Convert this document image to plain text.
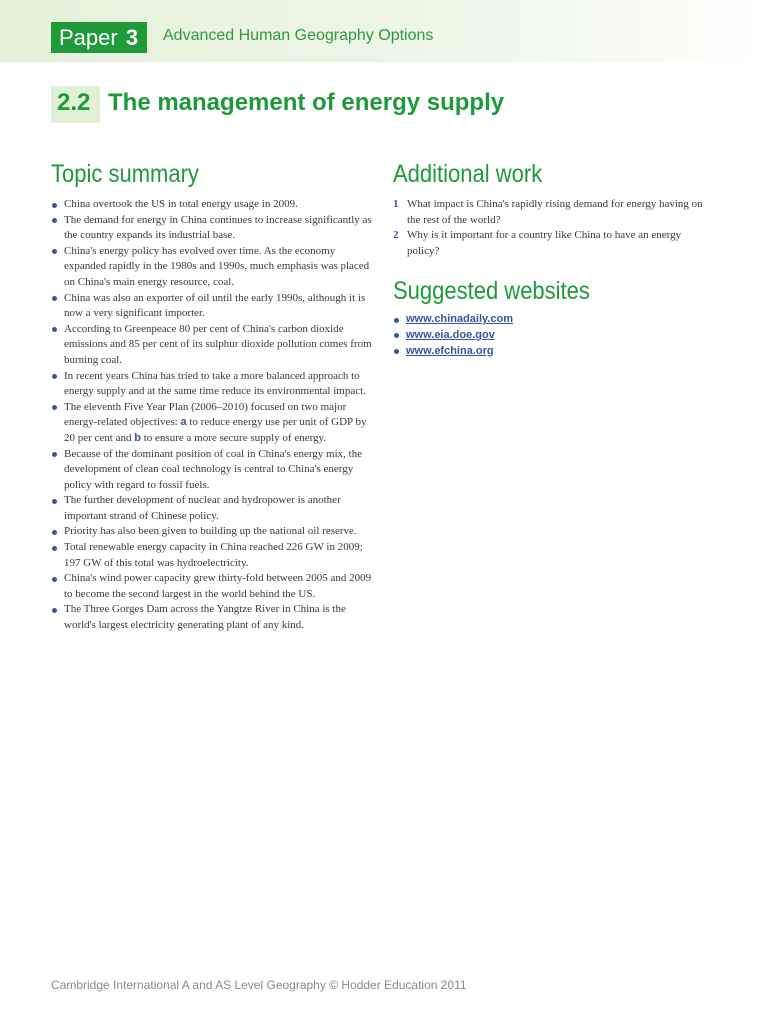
Paper 3	Advanced Human Geography Options
2.2 The management of energy supply
Topic summary
China overtook the US in total energy usage in 2009.
The demand for energy in China continues to increase significantly as the country expands its industrial base.
China's energy policy has evolved over time. As the economy expanded rapidly in the 1980s and 1990s, much emphasis was placed on China's main energy resource, coal.
China was also an exporter of oil until the early 1990s, although it is now a very significant importer.
According to Greenpeace 80 per cent of China's carbon dioxide emissions and 85 per cent of its sulphur dioxide pollution comes from burning coal.
In recent years China has tried to take a more balanced approach to energy supply and at the same time reduce its environmental impact.
The eleventh Five Year Plan (2006–2010) focused on two major energy-related objectives: a to reduce energy use per unit of GDP by 20 per cent and b to ensure a more secure supply of energy.
Because of the dominant position of coal in China's energy mix, the development of clean coal technology is central to China's energy policy with regard to fossil fuels.
The further development of nuclear and hydropower is another important strand of Chinese policy.
Priority has also been given to building up the national oil reserve.
Total renewable energy capacity in China reached 226 GW in 2009; 197 GW of this total was hydroelectricity.
China's wind power capacity grew thirty-fold between 2005 and 2009 to become the second largest in the world behind the US.
The Three Gorges Dam across the Yangtze River in China is the world's largest electricity generating plant of any kind.
Additional work
1 What impact is China's rapidly rising demand for energy having on the rest of the world?
2 Why is it important for a country like China to have an energy policy?
Suggested websites
www.chinadaily.com
www.eia.doe.gov
www.efchina.org
Cambridge International A and AS Level Geography © Hodder Education 2011
